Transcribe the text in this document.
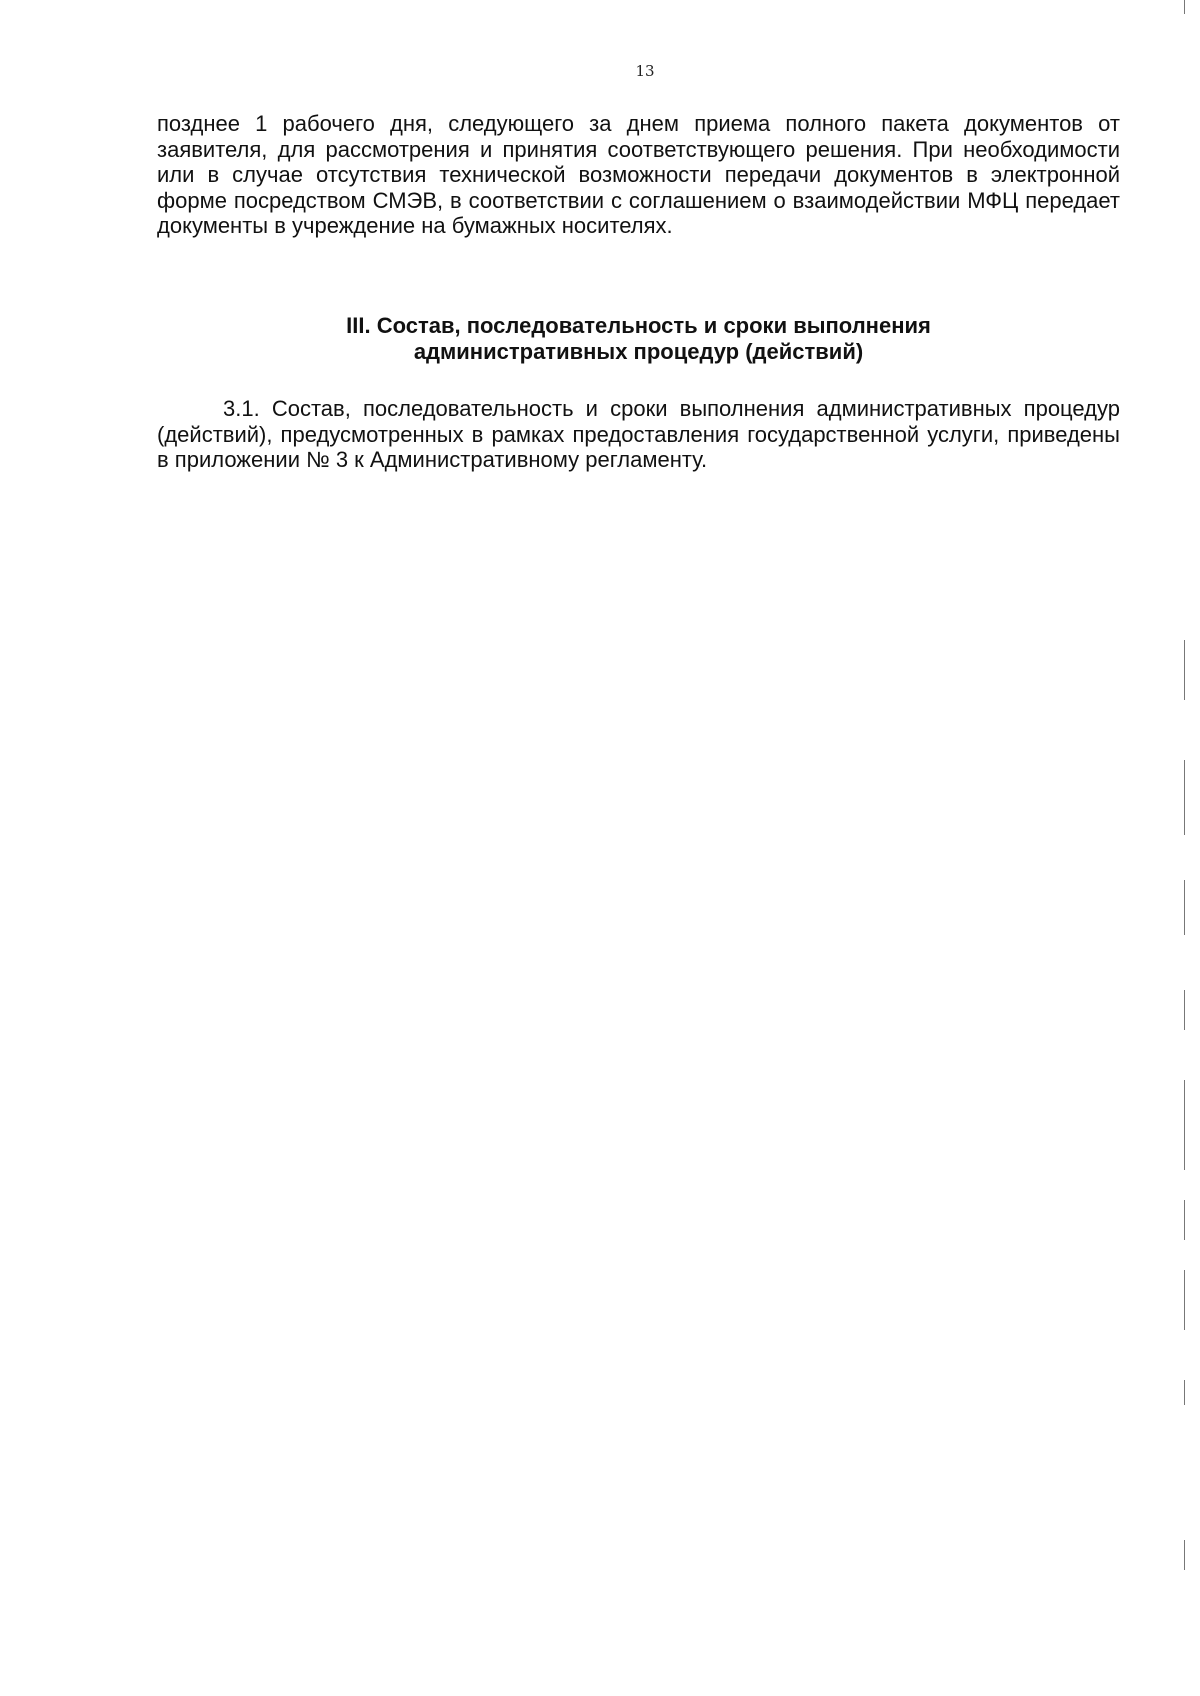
13

позднее 1 рабочего дня, следующего за днем приема полного пакета документов от заявителя, для рассмотрения и принятия соответствующего решения. При необходимости или в случае отсутствия технической возможности передачи документов в электронной форме посредством СМЭВ, в соответствии с соглашением о взаимодействии МФЦ передает документы в учреждение на бумажных носителях.

III. Состав, последовательность и сроки выполнения
административных процедур (действий)

3.1. Состав, последовательность и сроки выполнения административных процедур (действий), предусмотренных в рамках предоставления государственной услуги, приведены в приложении № 3 к Административному регламенту.
